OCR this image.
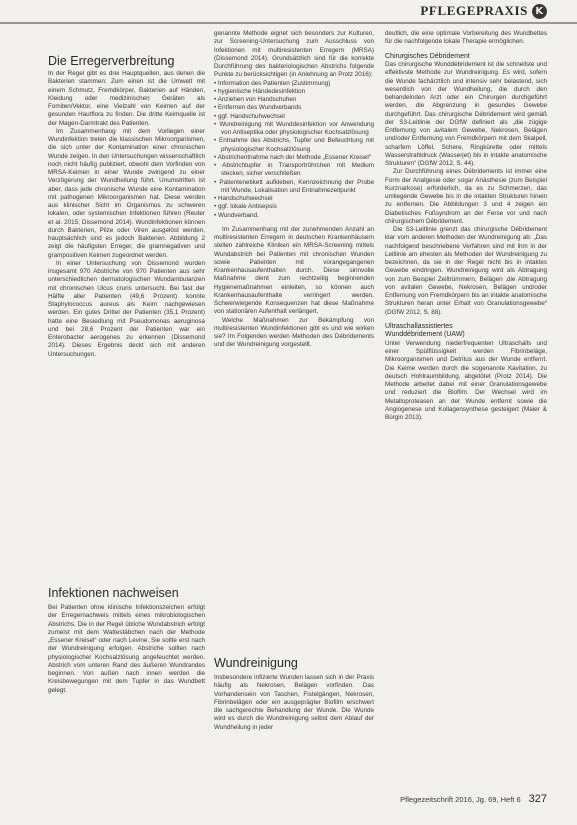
PFLEGEPRAXIS K
Die Erregerverbreitung

In der Regel gibt es drei Hauptquellen, aus denen die Bakterien stammen: Zum einen ist die Umwelt mit einem Schmutz, Fremdkörper, Bakterien auf Händen, Kleidung oder medizinischen Geräten als Fomiten/Vektor, eine Vielzahl von Keimen auf der gesunden Hautflora zu finden. Die dritte Keimquelle ist der Magen-Darmtrakt des Patienten.

Im Zusammenhang mit dem Vorliegen einer Wundinfektion treten die klassischen Mikroorganismen, die sich unter der Kontamination einer chronischen Wunde zeigen. In den Untersuchungen wissenschaftlich noch nicht häufig publiziert, obwohl dem Vorfinden von MRSA-Keimen in einer Wunde zwingend zu einer Verzögerung der Wundheilung führt. Unumstritten ist aber, dass jede chronische Wunde eine Kontamination mit pathogenen Mikroorganismen hat. Diese werden aus klinischer Sicht im Organismus zu schweren lokalen, oder systemischen Infektionen führen (Reuter et al. 2015; Dissemond 2014). Wundinfektionen können durch Bakterien, Pilze oder Viren ausgelöst werden, hauptsächlich sind es jedoch Bakterien. Abbildung 2 zeigt die häufigsten Erreger, die gramnegativen und grampositiven Keimen zugeordnet werden.

In einer Untersuchung von Dissemond wurden insgesamt 970 Abstriche von 970 Patienten aus sehr unterschiedlichen dermatologischen Wundambulanzen mit chronischen Ulcus cruris untersucht. Bei fast der Hälfte aller Patienten (49,6 Prozent) konnte Staphylococcus aureus als Keim nachgewiesen werden. Ein gutes Drittel der Patienten (35,1 Prozent) hatte eine Besiedlung mit Pseudomonas aeruginosa und bei 28,6 Prozent der Patienten war ein Enterobacter aerogenes zu erkennen (Dissemond 2014). Dieses Ergebnis deckt sich mit anderen Untersuchungen.

Infektionen nachweisen

Bei Patienten ohne klinische Infektionszeichen erfolgt der Erregernachweis mittels eines mikrobiologischen Abstrichs. Die in der Regel übliche Wundabstrich erfolgt zumeist mit dem Wattestäbchen nach der Methode „Essener Kreisel“ oder nach Levine. Sie sollte erst nach der Wundreinigung erfolgen. Abstriche sollten nach physiologischer Kochsalzlösung angefeuchtet werden. Abstrich vom unteren Rand des äußeren Wundrandes beginnen. Von außen nach innen werden die Kreisbewegungen mit dem Tupfer in das Wundbett gelegt.

genannte Methode eignet sich besonders zur Kulturen, zur Screening-Untersuchung zum Ausschluss von Infektionen mit multiresistenten Erregern (MRSA) (Dissemond 2014). Grundsätzlich sind für die korrekte Durchführung des bakteriologischen Abstrichs folgende Punkte zu berücksichtigen (in Anlehnung an Protz 2016):

• Information des Patienten (Zustimmung)
• hygienische Händedesinfektion
• Anziehen von Handschuhen
• Entfernen des Wundverbands
• ggf. Handschuhwechsel
• Wundreinigung mit Wunddesinfektion vor Anwendung von Antiseptika oder physiologischer Kochsalzlösung
• Entnahme des Abstrichs, Tupfer und Befeuchtung mit physiologischer Kochsalzlösung
• Abstrichentnahme nach der Methode „Essener Kreisel“
• Abstrichtupfer in Transportröhrchen mit Medium stecken, sicher verschließen
• Patientenetikett aufkleben, Kennzeichnung der Probe mit Wunde, Lokalisation und Entnahmezeitpunkt
• Handschuhwechsel
• ggf. lokale Antisepsis
• Wundverband.

Im Zusammenhang mit der zunehmenden Anzahl an multiresistenten Erregern in deutschen Krankenhäusern stellen zahlreiche Kliniken ein MRSA-Screening mittels Wundabstrich bei Patienten mit chronischen Wunden sowie Patienten mit vorangegangenen Krankenhausaufenthalten durch. Diese sinnvolle Maßnahme dient zum rechtzeitig beginnenden Hygienemaßnahmen einleiten, so können auch Krankenhausaufenthalte verringert werden. Schwerwiegende Konsequenzen hat diese Maßnahme von stationären Aufenthalt verlängert.

Welche Maßnahmen zur Bekämpfung von multiresistenten Wundinfektionen gibt es und wie wirken sie? Im Folgenden werden Methoden des Débridements und der Wundreinigung vorgestellt.

Wundreinigung

Insbesondere infizierte Wunden lassen sich in der Praxis häufig als Nekrosen, Belägen vorfinden. Das Vorhandensein von Taschen, Fistelgängen, Nekrosen, Fibrinbelägen oder ein ausgeprägter Biofilm erschwert die sachgerechte Behandlung der Wunde. Die Wunde wird es durch die Wundreinigung selbst dem Ablauf der Wundheilung in jeder

deutlich, die eine optimale Vorbereitung des Wundbettes für die nachfolgende lokale Therapie ermöglichen.

Chirurgisches Débridement

Das chirurgische Wunddébridement ist die schnellste und effektivste Methode zur Wundreinigung. Es wird, sofern die Wunde fachärztlich und intensiv sehr belastend, sich wesentlich von der Wundheilung, die durch den behandelnden Arzt oder ein Chirurgen durchgeführt werden, die Abgrenzung in gesundes Gewebe durchgeführt. Das chirurgische Débridement wird gemäß der S3-Leitlinie der DGfW definiert als „die zügige Entfernung von avitalem Gewebe, Nekrosen, Belägen und/oder Entfernung von Fremdkörpern mit dem Skalpell, scharfem Löffel, Schere, Ringkürette oder mittels Wasserstrahldruck (Wasserjet) bis in intakte anatomische Strukturen“ (DGfW 2012, S. 44).

Zur Durchführung eines Débridements ist immer eine Form der Analgesie oder sogar Anästhesie (zum Beispiel Kurznarkose) erforderlich, da es zu Schmerzen, das umliegende Gewebe bis in die intakten Strukturen hinein zu entfernen. Die Abbildungen 3 und 4 zeigen ein Diabetisches Fußsyndrom an der Ferse vor und nach chirurgischem Débridement.

Die S3-Leitlinie grenzt das chirurgische Débridement klar vom anderen Methoden der Wundreinigung ab: „Das nachfolgend beschriebene Verfahren sind mit ihm in der Leitlinie am ehesten als Methoden der Wundreinigung zu bezeichnen, da sie in der Regel nicht bis in intaktes Gewebe eindringen. Wundreinigung wird als Abtragung von zum Beispiel Zelltrümmern, Belägen ‚die Abtragung von avitalen Gewebe, Nekrosen, Belägen und/oder Entfernung von Fremdkörpern bis an intakte anatomische Strukturen heran unter Erhalt von Granulationsgewebe“ (DGfW 2012, S. 88).

Ultraschallassistiertes
Wunddébridement (UAW)

Unter Verwendung niederfrequenten Ultraschalls und einer Spülflüssigkeit werden Fibrinbeläge, Mikroorganismen und Detritus aus der Wunde entfernt. Die Keime werden durch die sogenannte Kavitation, zu deutsch Hohlraumbildung, abgetötet (Protz 2014). Die Methode arbeitet dabei mit einer Granulationsgewebe und reduziert die Biofilm. Der Wechsel wird im Metalloproteasen an der Wunde entfernt sowie die Angiogenese und Kollagensynthese gesteigert (Maier & Bürgin 2013).

Pflegezeitschrift 2016, Jg. 69, Heft 6 327
